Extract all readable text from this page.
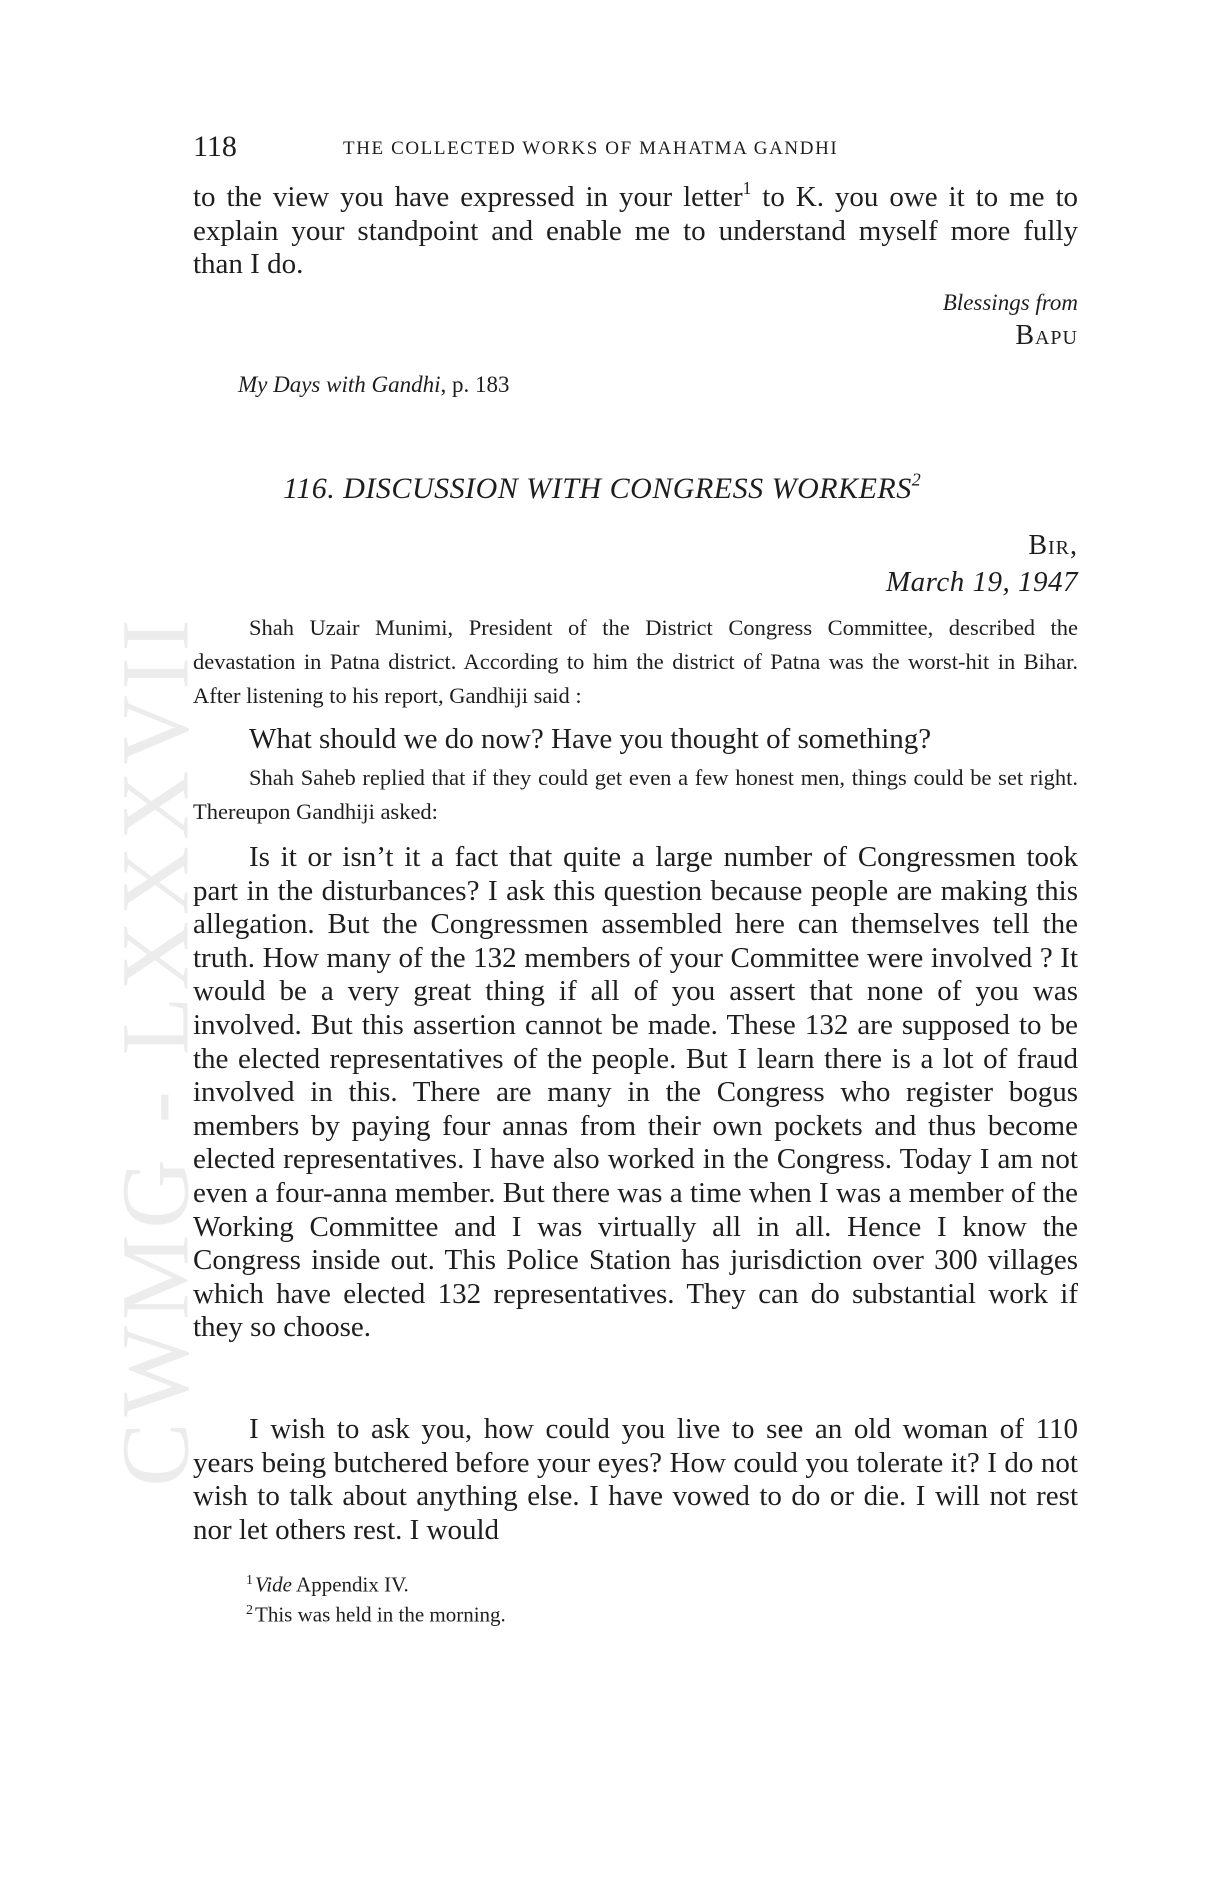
CWMG - LXXXVII
118	THE COLLECTED WORKS OF MAHATMA GANDHI

to the view you have expressed in your letter$^1$ to K. you owe it to me to explain your standpoint and enable me to understand myself more fully than I do.

Blessings from
Bapu
My Days with Gandhi, p. 183
116. DISCUSSION WITH CONGRESS WORKERS$^2$
Bir,
March 19, 1947

Shah Uzair Munimi, President of the District Congress Committee, described the devastation in Patna district. According to him the district of Patna was the worst-hit in Bihar. After listening to his report, Gandhiji said :

What should we do now? Have you thought of something?

Shah Saheb replied that if they could get even a few honest men, things could be set right. Thereupon Gandhiji asked:

Is it or isn’t it a fact that quite a large number of Congressmen took part in the disturbances? I ask this question because people are making this allegation. But the Congressmen assembled here can themselves tell the truth. How many of the 132 members of your Committee were involved ? It would be a very great thing if all of you assert that none of you was involved. But this assertion cannot be made. These 132 are supposed to be the elected representatives of the people. But I learn there is a lot of fraud involved in this. There are many in the Congress who register bogus members by paying four annas from their own pockets and thus become elected representatives. I have also worked in the Congress. Today I am not even a four-anna member. But there was a time when I was a member of the Working Committee and I was virtually all in all. Hence I know the Congress inside out. This Police Station has jurisdiction over 300 villages which have elected 132 representatives. They can do substantial work if they so choose.

I wish to ask you, how could you live to see an old woman of 110 years being butchered before your eyes? How could you tolerate it? I do not wish to talk about anything else. I have vowed to do or die. I will not rest nor let others rest. I would

$^1$Vide Appendix IV.
$^2$This was held in the morning.
